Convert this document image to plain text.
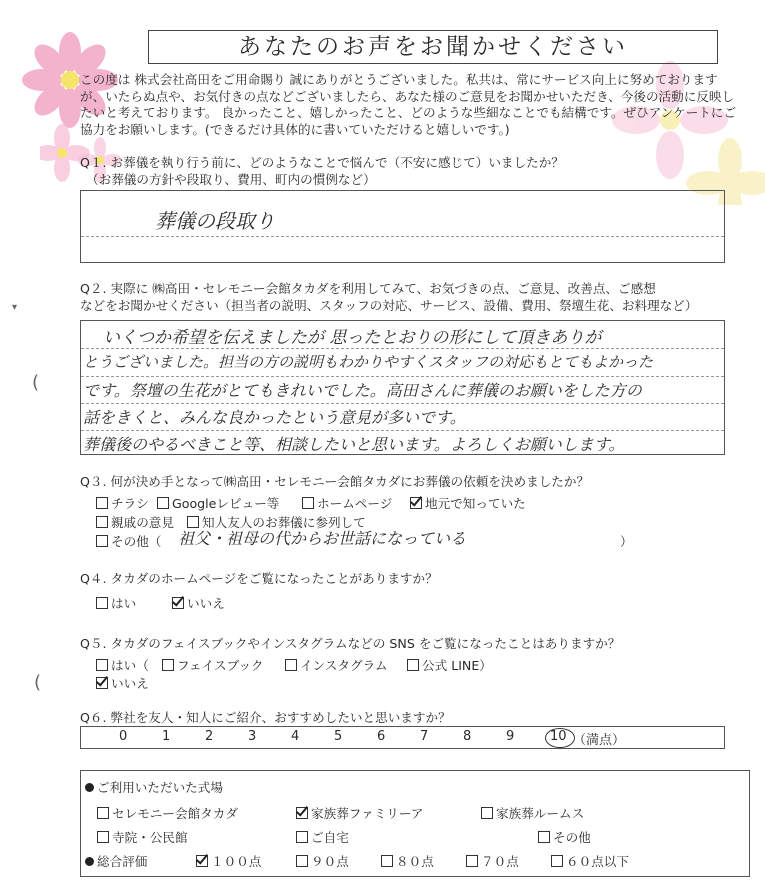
あなたのお声をお聞かせください

この度は 株式会社高田をご用命賜り 誠にありがとうございました。私共は、常にサービス向上に努めておりますが、いたらぬ点や、お気付きの点などございましたら、あなた様のご意見をお聞かせいただき、今後の活動に反映したいと考えております。 良かったこと、嬉しかったこと、どのような些細なことでも結構です。ぜひアンケートにご協力をお願いします。(できるだけ具体的に書いていただけると嬉しいです。)

Q１. お葬儀を執り行う前に、どのようなことで悩んで（不安に感じて）いましたか？
（お葬儀の方針や段取り、費用、町内の慣例など）
葬儀の段取り
Q２. 実際に ㈱高田・セレモニー会館タカダを利用してみて、お気づきの点、ご意見、改善点、ご感想
などをお聞かせください（担当者の説明、スタッフの対応、サービス、設備、費用、祭壇生花、お料理など）
いくつか希望を伝えましたが 思ったとおりの形にして頂きありが
とうございました。担当の方の説明もわかりやすくスタッフの対応もとてもよかった
です。祭壇の生花がとてもきれいでした。高田さんに葬儀のお願いをした方の
話をきくと、みんな良かったという意見が多いです。
葬儀後のやるべきこと等、相談したいと思います。よろしくお願いします。
(
▾
Q３. 何が決め手となって㈱高田・セレモニー会館タカダにお葬儀の依頼を決めましたか？
チラシ	Googleレビュー等	ホームページ	地元で知っていた
親戚の意見	知人友人のお葬儀に参列して
その他（ 祖父・祖母の代からお世話になっている	）
Q４. タカダのホームページをご覧になったことがありますか？
はい	いいえ
Q５. タカダのフェイスブックやインスタグラムなどの SNS をご覧になったことはありますか？
はい（	フェイスブック	インスタグラム	公式 LINE）
いいえ
(
Q６. 弊社を友人・知人にご紹介、おすすめしたいと思いますか？
0	1	2	3	4	5	6	7	8	9	10 （満点）
ご利用いただいた式場
セレモニー会館タカダ	家族葬ファミリーア	家族葬ルームス
寺院・公民館	ご自宅	その他
総合評価	１００点	９０点	８０点	７０点	６０点以下
